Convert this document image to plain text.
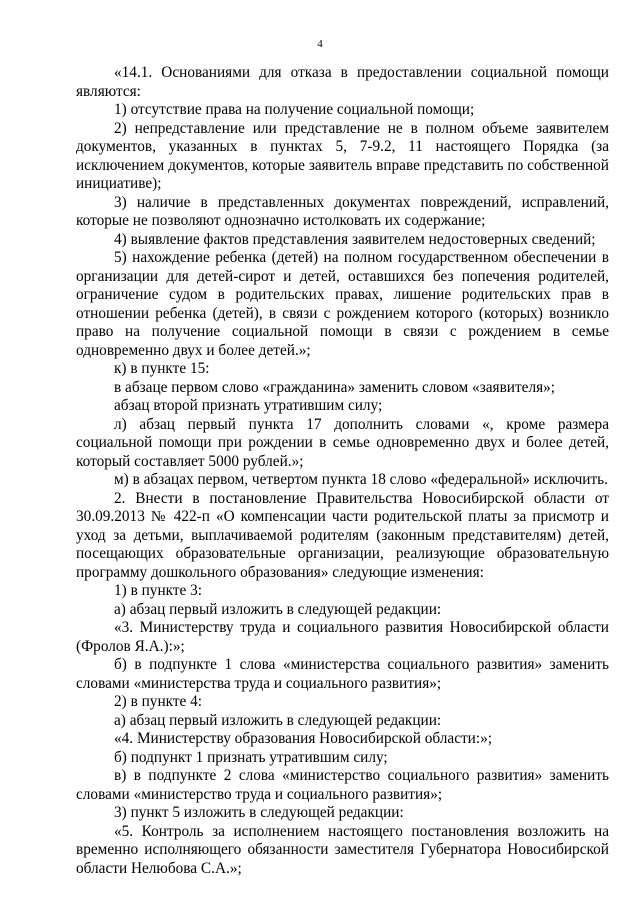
4

«14.1. Основаниями для отказа в предоставлении социальной помощи являются:

1) отсутствие права на получение социальной помощи;

2) непредставление или представление не в полном объеме заявителем документов, указанных в пунктах 5, 7-9.2, 11 настоящего Порядка (за исключением документов, которые заявитель вправе представить по собственной инициативе);

3) наличие в представленных документах повреждений, исправлений, которые не позволяют однозначно истолковать их содержание;

4) выявление фактов представления заявителем недостоверных сведений;

5) нахождение ребенка (детей) на полном государственном обеспечении в организации для детей-сирот и детей, оставшихся без попечения родителей, ограничение судом в родительских правах, лишение родительских прав в отношении ребенка (детей), в связи с рождением которого (которых) возникло право на получение социальной помощи в связи с рождением в семье одновременно двух и более детей.»;

к) в пункте 15:

в абзаце первом слово «гражданина» заменить словом «заявителя»;

абзац второй признать утратившим силу;

л) абзац первый пункта 17 дополнить словами «, кроме размера социальной помощи при рождении в семье одновременно двух и более детей, который составляет 5000 рублей.»;

м) в абзацах первом, четвертом пункта 18 слово «федеральной» исключить.

2. Внести в постановление Правительства Новосибирской области от 30.09.2013 № 422-п «О компенсации части родительской платы за присмотр и уход за детьми, выплачиваемой родителям (законным представителям) детей, посещающих образовательные организации, реализующие образовательную программу дошкольного образования» следующие изменения:

1) в пункте 3:

а) абзац первый изложить в следующей редакции:

«3. Министерству труда и социального развития Новосибирской области (Фролов Я.А.):»;

б) в подпункте 1 слова «министерства социального развития» заменить словами «министерства труда и социального развития»;

2) в пункте 4:

а) абзац первый изложить в следующей редакции:

«4. Министерству образования Новосибирской области:»;

б) подпункт 1 признать утратившим силу;

в) в подпункте 2 слова «министерство социального развития» заменить словами «министерство труда и социального развития»;

3) пункт 5 изложить в следующей редакции:

«5. Контроль за исполнением настоящего постановления возложить на временно исполняющего обязанности заместителя Губернатора Новосибирской области Нелюбова С.А.»;
